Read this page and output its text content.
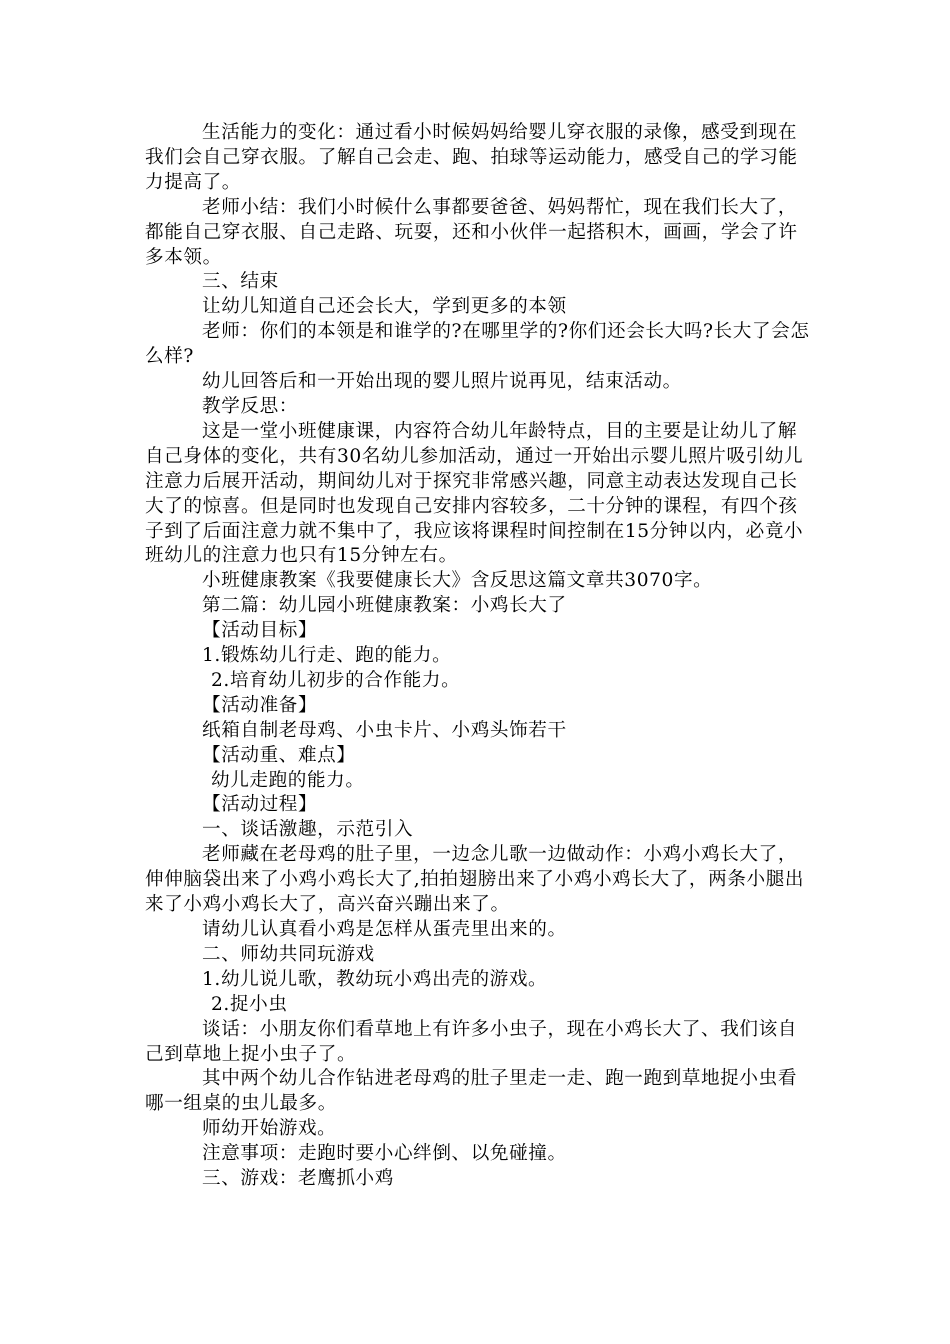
生活能力的变化：通过看小时候妈妈给婴儿穿衣服的录像，感受到现在我们会自己穿衣服。了解自己会走、跑、拍球等运动能力，感受自己的学习能力提高了。

老师小结：我们小时候什么事都要爸爸、妈妈帮忙，现在我们长大了，都能自己穿衣服、自己走路、玩耍，还和小伙伴一起搭积木，画画，学会了许多本领。

三、结束

让幼儿知道自己还会长大，学到更多的本领

老师：你们的本领是和谁学的?在哪里学的?你们还会长大吗?长大了会怎么样?

幼儿回答后和一开始出现的婴儿照片说再见，结束活动。

教学反思：

这是一堂小班健康课，内容符合幼儿年龄特点，目的主要是让幼儿了解自己身体的变化，共有30名幼儿参加活动，通过一开始出示婴儿照片吸引幼儿注意力后展开活动，期间幼儿对于探究非常感兴趣，同意主动表达发现自己长大了的惊喜。但是同时也发现自己安排内容较多，二十分钟的课程，有四个孩子到了后面注意力就不集中了，我应该将课程时间控制在15分钟以内，必竟小班幼儿的注意力也只有15分钟左右。

小班健康教案《我要健康长大》含反思这篇文章共3070字。

第二篇：幼儿园小班健康教案：小鸡长大了

【活动目标】

1.锻炼幼儿行走、跑的能力。

2.培育幼儿初步的合作能力。

【活动准备】

纸箱自制老母鸡、小虫卡片、小鸡头饰若干

【活动重、难点】

幼儿走跑的能力。

【活动过程】

一、谈话激趣，示范引入

老师藏在老母鸡的肚子里，一边念儿歌一边做动作：小鸡小鸡长大了，伸伸脑袋出来了小鸡小鸡长大了,拍拍翅膀出来了小鸡小鸡长大了，两条小腿出来了小鸡小鸡长大了，高兴奋兴蹦出来了。

请幼儿认真看小鸡是怎样从蛋壳里出来的。

二、师幼共同玩游戏

1.幼儿说儿歌，教幼玩小鸡出壳的游戏。

2.捉小虫

谈话：小朋友你们看草地上有许多小虫子，现在小鸡长大了、我们该自己到草地上捉小虫子了。

其中两个幼儿合作钻进老母鸡的肚子里走一走、跑一跑到草地捉小虫看哪一组桌的虫儿最多。

师幼开始游戏。

注意事项：走跑时要小心绊倒、以免碰撞。

三、游戏：老鹰抓小鸡
